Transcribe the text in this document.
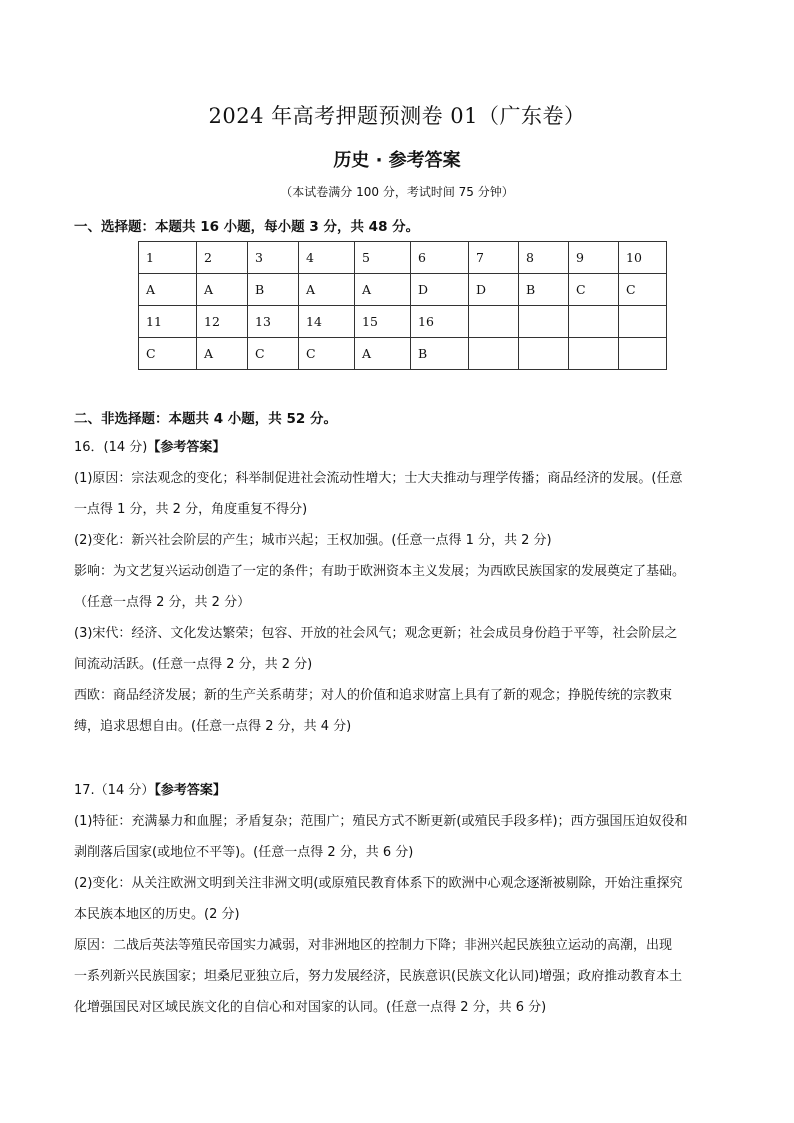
2024 年高考押题预测卷 01（广东卷）
历史 · 参考答案
（本试卷满分 100 分，考试时间 75 分钟）
一、选择题：本题共 16 小题，每小题 3 分，共 48 分。
1	2	3	4	5	6	7	8	9	10
A	A	B	A	A	D	D	B	C	C
11	12	13	14	15	16				
C	A	C	C	A	B				
二、非选择题：本题共 4 小题，共 52 分。

16．(14 分)【参考答案】

(1)原因：宗法观念的变化；科举制促进社会流动性增大；士大夫推动与理学传播；商品经济的发展。(任意

一点得 1 分，共 2 分，角度重复不得分)

(2)变化：新兴社会阶层的产生；城市兴起；王权加强。(任意一点得 1 分，共 2 分)

影响：为文艺复兴运动创造了一定的条件；有助于欧洲资本主义发展；为西欧民族国家的发展奠定了基础。

（任意一点得 2 分，共 2 分）

(3)宋代：经济、文化发达繁荣；包容、开放的社会风气；观念更新；社会成员身份趋于平等，社会阶层之

间流动活跃。(任意一点得 2 分，共 2 分)

西欧：商品经济发展；新的生产关系萌芽；对人的价值和追求财富上具有了新的观念；挣脱传统的宗教束

缚，追求思想自由。(任意一点得 2 分，共 4 分)

17.（14 分）【参考答案】

(1)特征：充满暴力和血腥；矛盾复杂；范围广；殖民方式不断更新(或殖民手段多样)；西方强国压迫奴役和

剥削落后国家(或地位不平等)。(任意一点得 2 分，共 6 分)

(2)变化：从关注欧洲文明到关注非洲文明(或原殖民教育体系下的欧洲中心观念逐渐被剔除，开始注重探究

本民族本地区的历史。(2 分)

原因：二战后英法等殖民帝国实力减弱，对非洲地区的控制力下降；非洲兴起民族独立运动的高潮，出现

一系列新兴民族国家；坦桑尼亚独立后，努力发展经济，民族意识(民族文化认同)增强；政府推动教育本土

化增强国民对区域民族文化的自信心和对国家的认同。(任意一点得 2 分，共 6 分)
